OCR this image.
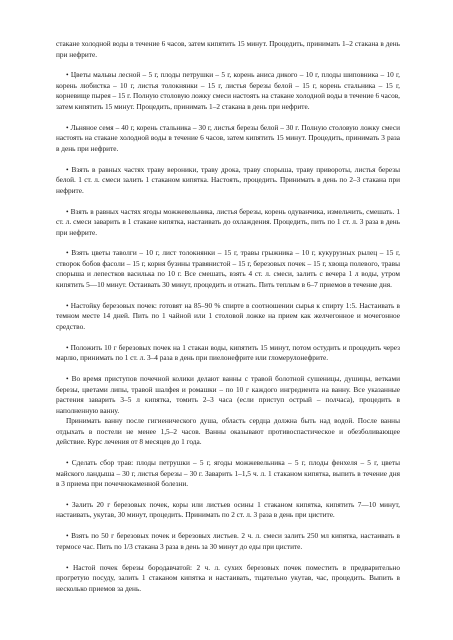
стакане холодной воды в течение 6 часов, затем кипятить 15 минут. Процедить, принимать 1–2 стакана в день при нефрите.

• Цветы мальвы лесной – 5 г, плоды петрушки – 5 г, корень аниса дикого – 10 г, плоды шиповника – 10 г, корень любистка – 10 г, листья толокнянки – 15 г, листья березы белой – 15 г, корень стальника – 15 г, корневище пырея – 15 г. Полную столовую ложку смеси настоять на стакане холодной воды в течение 6 часов, затем кипятить 15 минут. Процедить, принимать 1–2 стакана в день при нефрите.

• Льняное семя – 40 г, корень стальника – 30 г, листья березы белой – 30 г. Полную столовую ложку смеси настоять на стакане холодной воды в течение 6 часов, затем кипятить 15 минут. Процедить, принимать 3 раза в день при нефрите.

• Взять в равных частях траву вероники, траву дрока, траву спорыша, траву привороты, листья березы белой. 1 ст. л. смеси залить 1 стаканом кипятка. Настоять, процедить. Принимать в день по 2–3 стакана при нефрите.

• Взять в равных частях ягоды можжевельника, листья березы, корень одуванчика, измельчить, смешать. 1 ст. л. смеси заварить в 1 стакане кипятка, настаивать до охлаждения. Процедить, пить по 1 ст. л. 3 раза в день при нефрите.

• Взять цветы таволги – 10 г, лист толокнянки – 15 г, травы грыжника – 10 г, кукурузных рылец – 15 г, створок бобов фасоли – 15 г, корня бузины травянистой – 15 г, березовых почек – 15 г, хвоща полевого, травы спорыша и лепестков василька по 10 г. Все смешать, взять 4 ст. л. смеси, залить с вечера 1 л воды, утром кипятить 5—10 минут. Остаивать 30 минут, процедить и отжать. Пить теплым в 6–7 приемов в течение дня.

• Настойку березовых почек: готовят на 85–90 % спирте в соотношении сырья к спирту 1:5. Настаивать в темном месте 14 дней. Пить по 1 чайной или 1 столовой ложке на прием как желчегонное и мочегонное средство.

• Положить 10 г березовых почек на 1 стакан воды, кипятить 15 минут, потом остудить и процедить через марлю, принимать по 1 ст. л. 3–4 раза в день при пиелонефрите или гломерулонефрите.

• Во время приступов почечной колики делают ванны с травой болотной сушеницы, душицы, ветками березы, цветами липы, травой шалфея и ромашки – по 10 г каждого ингредиента на ванну. Все указанные растения заварить 3–5 л кипятка, томить 2–3 часа (если приступ острый – полчаса), процедить в наполненную ванну.

Принимать ванну после гигиенического душа, область сердца должна быть над водой. После ванны отдыхать в постели не менее 1,5–2 часов. Ванны оказывают противоспастическое и обезболивающее действие. Курс лечения от 8 месяцев до 1 года.

• Сделать сбор трав: плоды петрушки – 5 г, ягоды можжевельника – 5 г, плоды фенхеля – 5 г, цветы майского ландыша – 30 г, листья березы – 30 г. Заварить 1–1,5 ч. л. 1 стаканом кипятка, выпить в течение дня в 3 приема при почечнокаменной болезни.

• Залить 20 г березовых почек, коры или листьев осины 1 стаканом кипятка, кипятить 7—10 минут, настаивать, укутав, 30 минут, процедить. Принимать по 2 ст. л. 3 раза в день при цистите.

• Взять по 50 г березовых почек и березовых листьев. 2 ч. л. смеси залить 250 мл кипятка, настаивать в термосе час. Пить по 1/3 стакана 3 раза в день за 30 минут до еды при цистите.

• Настой почек березы бородавчатой: 2 ч. л. сухих березовых почек поместить в предварительно прогретую посуду, залить 1 стаканом кипятка и настаивать, тщательно укутав, час, процедить. Выпить в несколько приемов за день.
